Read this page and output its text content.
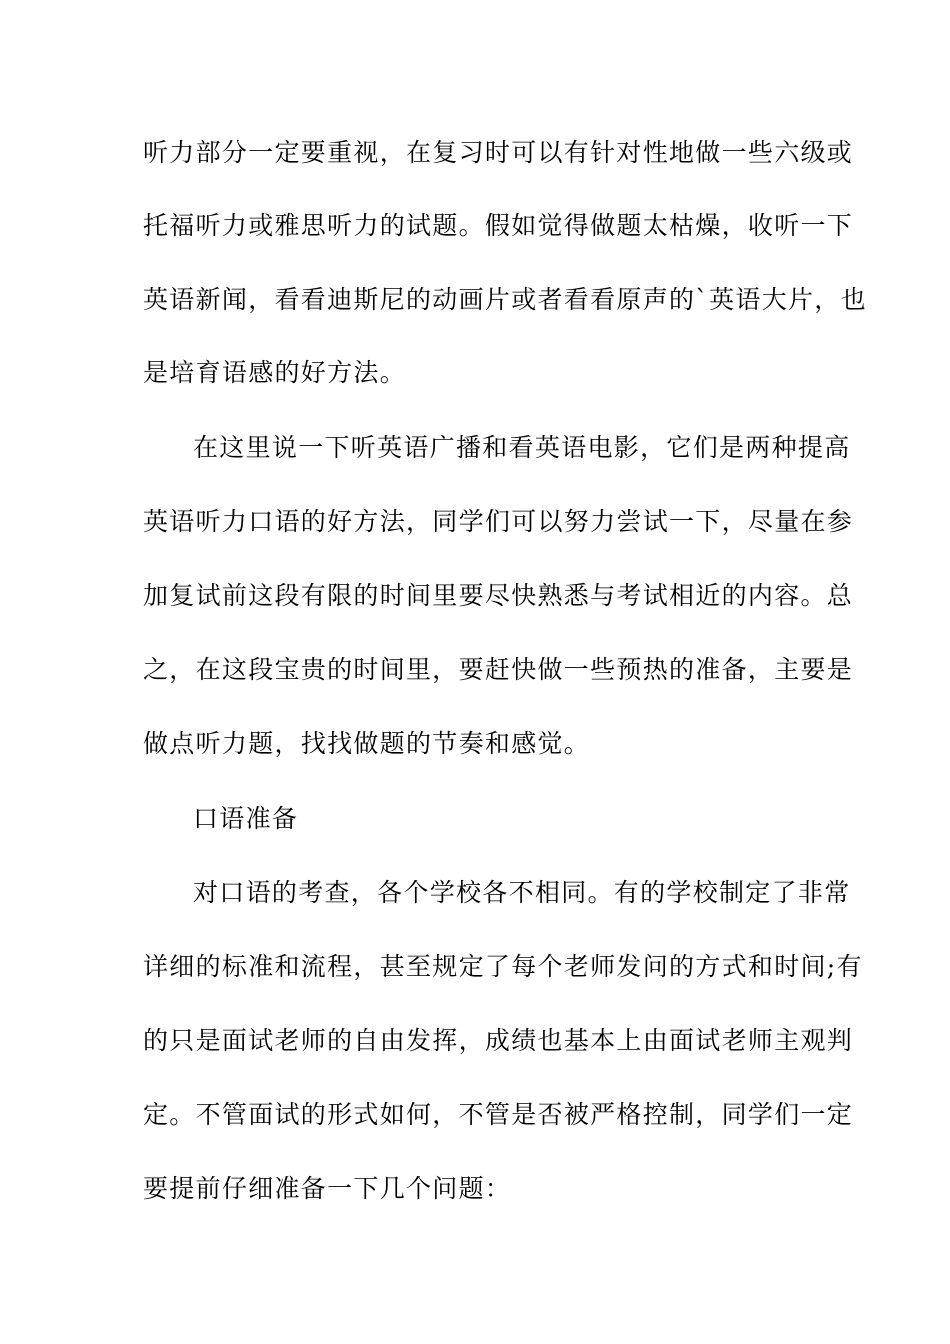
听力部分一定要重视，在复习时可以有针对性地做一些六级或
托福听力或雅思听力的试题。假如觉得做题太枯燥，收听一下
英语新闻，看看迪斯尼的动画片或者看看原声的`英语大片，也
是培育语感的好方法。
在这里说一下听英语广播和看英语电影，它们是两种提高
英语听力口语的好方法，同学们可以努力尝试一下，尽量在参
加复试前这段有限的时间里要尽快熟悉与考试相近的内容。总
之，在这段宝贵的时间里，要赶快做一些预热的准备，主要是
做点听力题，找找做题的节奏和感觉。
口语准备
对口语的考查，各个学校各不相同。有的学校制定了非常
详细的标准和流程，甚至规定了每个老师发问的方式和时间;有
的只是面试老师的自由发挥，成绩也基本上由面试老师主观判
定。不管面试的形式如何，不管是否被严格控制，同学们一定
要提前仔细准备一下几个问题：
